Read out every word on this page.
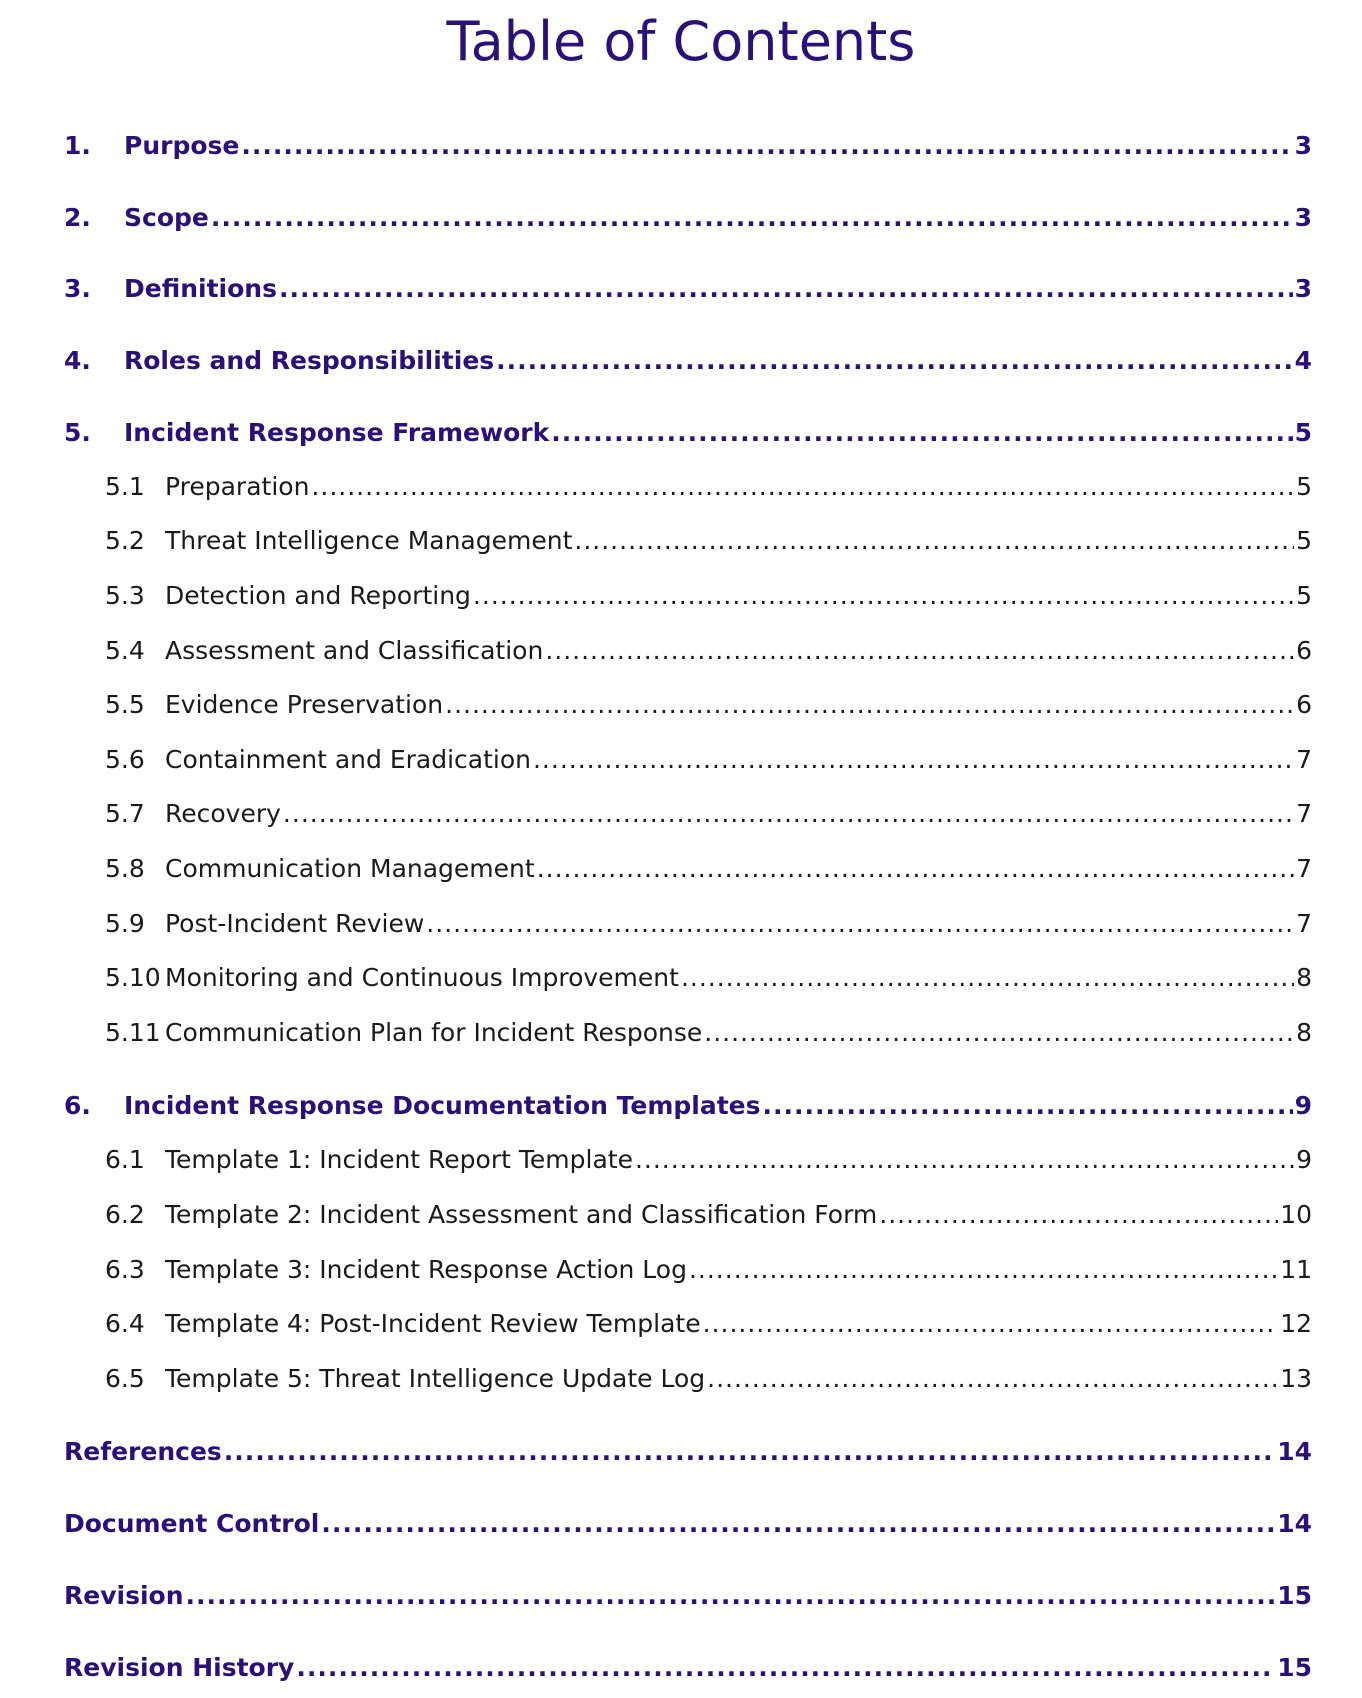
Table of Contents
1.	Purpose .....	3
2.	Scope .....	3
3.	Definitions .....	3
4.	Roles and Responsibilities .....	4
5.	Incident Response Framework .....	5
5.1 Preparation .....	5
5.2 Threat Intelligence Management .....	5
5.3 Detection and Reporting .....	5
5.4 Assessment and Classification .....	6
5.5 Evidence Preservation .....	6
5.6 Containment and Eradication .....	7
5.7 Recovery .....	7
5.8 Communication Management .....	7
5.9 Post-Incident Review .....	7
5.10 Monitoring and Continuous Improvement .....	8
5.11 Communication Plan for Incident Response .....	8
6.	Incident Response Documentation Templates .....	9
6.1 Template 1: Incident Report Template .....	9
6.2 Template 2: Incident Assessment and Classification Form .....	10
6.3 Template 3: Incident Response Action Log .....	11
6.4 Template 4: Post-Incident Review Template .....	12
6.5 Template 5: Threat Intelligence Update Log .....	13
References .....	14
Document Control .....	14
Revision .....	15
Revision History .....	15
